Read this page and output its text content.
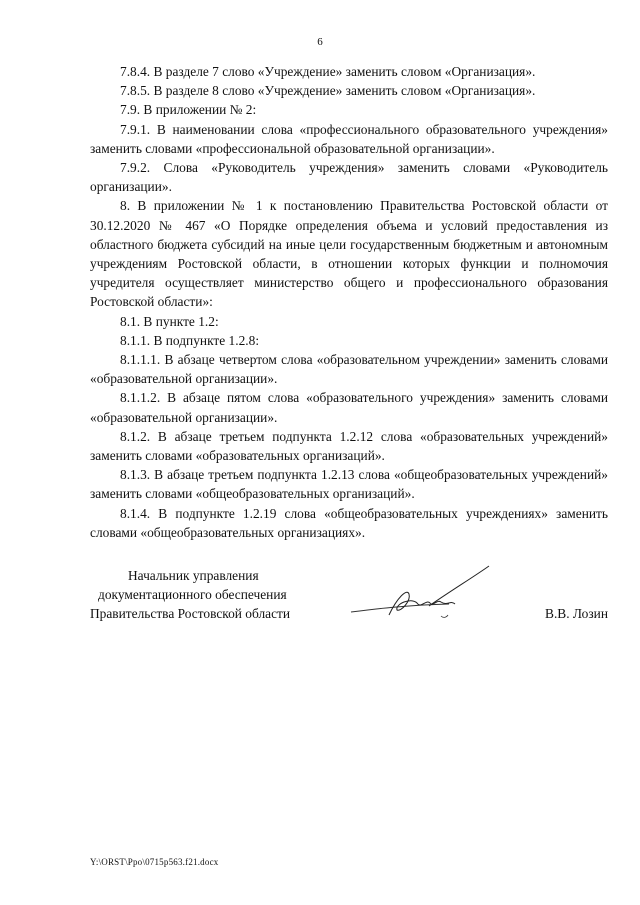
6

7.8.4. В разделе 7 слово «Учреждение» заменить словом «Организация».

7.8.5. В разделе 8 слово «Учреждение» заменить словом «Организация».

7.9. В приложении № 2:

7.9.1. В наименовании слова «профессионального образовательного учреждения» заменить словами «профессиональной образовательной организации».

7.9.2. Слова «Руководитель учреждения» заменить словами «Руководитель организации».

8. В приложении № 1 к постановлению Правительства Ростовской области от 30.12.2020 № 467 «О Порядке определения объема и условий предоставления из областного бюджета субсидий на иные цели государственным бюджетным и автономным учреждениям Ростовской области, в отношении которых функции и полномочия учредителя осуществляет министерство общего и профессионального образования Ростовской области»:

8.1. В пункте 1.2:

8.1.1. В подпункте 1.2.8:

8.1.1.1. В абзаце четвертом слова «образовательном учреждении» заменить словами «образовательной организации».

8.1.1.2. В абзаце пятом слова «образовательного учреждения» заменить словами «образовательной организации».

8.1.2. В абзаце третьем подпункта 1.2.12 слова «образовательных учреждений» заменить словами «образовательных организаций».

8.1.3. В абзаце третьем подпункта 1.2.13 слова «общеобразовательных учреждений» заменить словами «общеобразовательных организаций».

8.1.4. В подпункте 1.2.19 слова «общеобразовательных учреждениях» заменить словами «общеобразовательных организациях».

Начальник управления
документационного обеспечения
Правительства Ростовской области	В.В. Лозин
Y:\ORST\Ppo\0715p563.f21.docx
